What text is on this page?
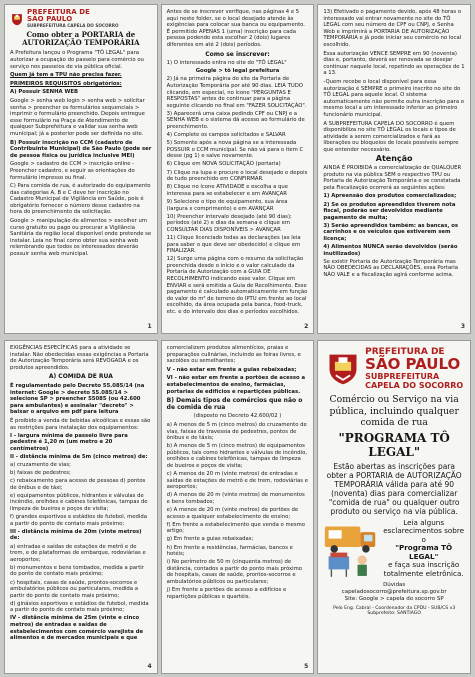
PREFEITURA DE
SÃO PAULO
SUBPREFEITURA CAPELA DO SOCORRO
Como obter a PORTARIA de
AUTORIZAÇÃO TEMPORÁRIA

A Prefeitura lançou o Programa "TÔ LEGAL" para autorizar a ocupação do passeio para comércio ou serviço nos passeios de via pública oficial.

Quem já tem a TPU não precisa fazer.

PRIMEIROS REQUISITOS obrigatórios:

A) Possuir SENHA WEB

Google > senha web login > senha web > solicitar senha > preencher os formulários sequenciais > imprimir o formulário preenchido. Depois entregue esse formulário na Praça de Atendimento de qualquer Subprefeitura e validar sua senha web municipal; já a posterior pode ser definida no site.

B) Possuir inscrição no CCM (cadastro de Contribuinte Municipal) de São Paulo (pode ser de pessoa física ou jurídica inclusive MEI)

Google > cadastro de CCM > inscrição online - Preencher cadastro, e seguir as orientações do formulário impresso ou final.

C) Para comida de rua, é autorizado do equipamento das categorias A, B e C deve ter inscrição no Cadastro Municipal de Vigilância em Saúde, pois é obrigatório fornecer o número desse cadastro na hora do preenchimento da solicitação.

Google > manipulação de alimentos > escolher um curso gratuito ou pago ou procurar a Vigilância Sanitária da região local disponível onde pretende se instalar. Leia no final como obter sua senha web relembrando que todos os interessados deverão possuir senha web municipal.

1

Antes de se inscrever verifique, nas páginas 4 e 5 aqui neste folder, se o local desejado atende às exigências para colocar sua banca ou equipamento. É permitido APENAS 1 (uma) inscrição para cada pessoa podendo esta escolher 2 (dois) lugares diferentes em até 2 (dois) períodos.

Como se inscrever:
1) O interessado entra no site do "TÔ LEGAL"
Google > tô legal prefeitura
2) Já na primeira página do site da Portaria de Autorização Temporária por até 90 dias. LEIA TUDO clicando, em especial, no ícone "PERGUNTAS E RESPOSTAS" antes de continuar para a página seguinte clicando no final em "FAZER SOLICITAÇÃO".
3) Aparecerá uma caixa pedindo CPF ou CNPJ e a SENHA WEB e o sistema dá acesso ao formulário de preenchimento.
4) Complete os campos solicitados e SALVAR
5) Somente após a nova página se a interessada POSSUIR o CCM municipal. Se não vá para o item C desse (pg 1) e salve novamente.
6) Clique em NOVA SOLICITAÇÃO (portaria)
7) Clique na lupa e procure o local desejado e depois de tudo preenchido em CONFIRMAR.
8) Clique no ícone ATIVIDADE e escolha a que interessa para se estabelecer e em AVANÇAR
9) Selecione o tipo de equipamento, sua área (largura x comprimento) e em AVANÇAR
10) Preencher intervalo desejado (até 90 dias); períodos (até 2) e dias da semana e clique em CONSULTAR DIAS DISPONÍVEIS > AVANÇAR
11) Clique licenciado todas as declarações (as leia para saber o que deve ser obedecido) e clique em FINALIZAR.
12) Surge uma página com o resumo da solicitação preenchida desde o início e o valor calculado da Portaria de Autorização com a GUIA DE RECOLHIMENTO indicando esse valor. Clique em ENVIAR e será emitida a Guia de Recolhimento. Esse pagamento é calculado automaticamente em função do valor do m² de terreno do IPTU em frente ao local escolhido, da área ocupada pela banca, food-truck, etc. e do intervalo dos dias e períodos escolhidos.
2

13) Efetivado o pagamento devido, após 48 horas o interessado vai entrar novamente no site do TÔ LEGAL com seu número de CPF ou CNPJ, e Senha Web e imprimirá a PORTARIA DE AUTORIZAÇÃO TEMPORÁRIA e já pode iniciar seu comércio no local escolhido.

Essa autorização VENCE SEMPRE em 90 (noventa) dias e, portanto, deverá ser renovada se desejar continuar naquele local, repetindo as operações de 1 a 13.

-Quem recebe o local disponível para essa autorização é SEMPRE o primeiro inscrito no site do TÔ LEGAL para aquele local. O sistema automaticamente não permite outra inscrição para o mesmo local a um interessado inferior ao primeiro funcionário municipal.

A SUBPREFEITURA CAPELA DO SOCORRO é quem disponibiliza no site TÔ LEGAL os locais e tipos de atividade a serem comercializados e fará as liberações ou bloqueios de locais possíveis sempre que entender necessário.

Atenção

AINDA É PROIBIDA a comercialização de QUALQUER produto na via pública SEM o respectivo TPU ou Portaria de Autorização Temporária e se constatada pela Fiscalização ocorrerá as seguintes ações:

1) Apreensão dos produtos comercializados;
2) Se os produtos apreendidos tiverem nota fiscal, poderão ser devolvidos mediante pagamento de multa;
3) Serão apreendidos também: as bancas, os carrinhos e os veículos que estiverem sem licença;
4) Alimentos NUNCA serão devolvidos (serão inutilizados)

Se existir Portaria de Autorização Temporária mas NÃO OBEDECIDAS as DECLARAÇÕES, essa Portaria NÃO VALE e a fiscalização agirá conforme acima.

3

EXIGÊNCIAS ESPECÍFICAS para a atividade se instalar. Não obedecidas essas exigências a Portaria de Autorização Temporária será REVOGADA e os produtos apreendidos.

A) COMIDA DE RUA

É regulamentado pelo Decreto 55.085/14 (na internet: Google > decreto 55.085/14 > selecione SP > preencher 55085 (ou 42.600 para ambulantes) e assinalar "decreto" > baixar o arquivo em pdf para leitura

É proibido a venda de bebidas alcoólicas e essas são as restrições para instalação dos equipamentos:
I - largura mínima de passeio livre para pedestre é 1,20 m (um metro e 20 centímetros)
II - distância mínima de 5m (cinco metros) de:
a) cruzamento de vias;
b) faixas de pedestres;
c) rebaixamento para acesso de pessoas d) pontos de ônibus e de táxi;
e) equipamentos públicos, hidrantes e válvulas de incêndio, orelhões e cabines telefônicas, tampas de limpeza de bueiros e poços de visita;
f) grandes esportivos e estádios de futebol, medida a partir do ponto de contato mais próximo;
III - distância mínima de 20m (vinte metros) de:
a) entradas e saídas de estações de metrô e de trem, e de plataformas de embarque, rodoviárias e aeroportos;
b) monumentos e bens tombados, medida a partir do ponto de contato mais próximo;
c) hospitais, casas de saúde, prontos-socorros e ambulatórios públicos ou particulares, medida a partir do ponto de contato mais próximo;
d) ginásios esportivos e estádios de futebol, medida a partir do ponto de contato mais próximo;
IV - distância mínima de 25m (vinte e cinco metros) de entradas e saídas de estabelecimentos com comércio varejista de alimentos e de mercados municipais e que
4

comercializem produtos alimentícios, praias e preparações culinárias, incluindo as feiras livres, e sacolões ou semelhantes;

V - não estar em frente a guias rebaixadas;

VI - não estar em frente a portões de acesso a estabelecimentos de ensino, farmácias, portarias de edifícios e repartições públicas.

B) Demais tipos de comércios que não o de comida de rua

(disposto no Decreto 42.600/02 )

a) A menos de 5 m (cinco metros) do cruzamento de vias, faixas de travessia de pedestres, pontos de ônibus e de táxis;
b) A menos de 5 m (cinco metros) de equipamentos públicos, tais como hidrantes e válvulas de incêndio, orelhões e cabines telefônicas, tampas de limpeza de bueiros e poços de visita;
c) A menos de 20 m (vinte metros) de entradas e saídas de estações de metrô e de trem, rodoviárias e aeroportos;
d) A menos de 20 m (vinte metros) de monumentos e bens tombados;
e) A menos de 20 m (vinte metros) de portões de acesso a qualquer estabelecimento de ensino;
f) Em frente a estabelecimento que venda o mesmo artigo;
g) Em frente a guias rebaixadas;
h) Em frente a residências, farmácias, bancos e hotéis;
i) No perímetro de 50 m (cinquenta metros) de distância, contados a partir do ponto mais próximo de hospitais, casas de saúde, prontos-socorros e ambulatórios públicos ou particulares;
j) Em frente a portões de acesso a edifícios e repartições públicas e quartéis.
5
PREFEITURA DE
SÃO PAULO
SUBPREFEITURA
CAPELA DO SOCORRO
Comércio ou Serviço na via pública, incluindo qualquer comida de rua
"PROGRAMA TÔ LEGAL"
Estão abertas as inscrições para obter a PORTARIA de AUTORIZAÇÃO TEMPORÁRIA válida para até 90 (noventa) dias para comercializar "comida de rua" ou qualquer outro produto ou serviço na via pública.
Leia alguns esclarecimentos sobre o
"Programa TÔ LEGAL"
e faça sua inscrição totalmente eletrônica.
Dúvidas
capeladosocorro@prefeitura.sp.gov.br
Site: Google > capela do socorro SP
Pelo Eng. Cabral - Coordenador da CPDU - SUB/CS v3 Subprefeito: SANTIAGO
